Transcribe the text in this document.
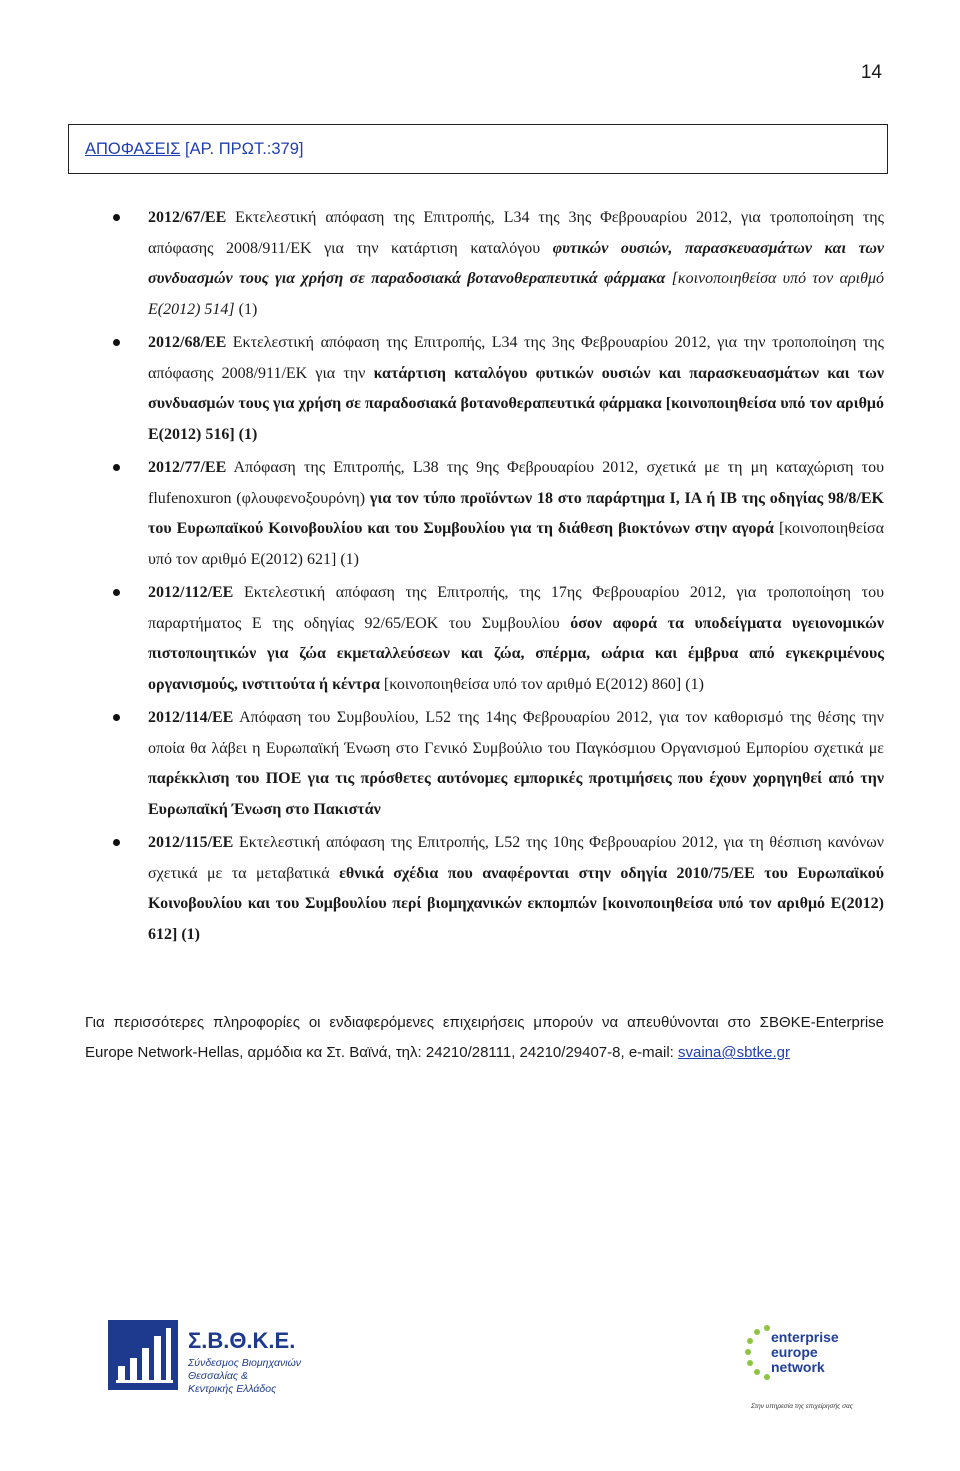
14
ΑΠΟΦΑΣΕΙΣ [ΑΡ. ΠΡΩΤ.:379]
2012/67/ΕΕ Εκτελεστική απόφαση της Επιτροπής, L34 της 3ης Φεβρουαρίου 2012, για τροποποίηση της απόφασης 2008/911/ΕΚ για την κατάρτιση καταλόγου φυτικών ουσιών, παρασκευασμάτων και των συνδυασμών τους για χρήση σε παραδοσιακά βοτανοθεραπευτικά φάρμακα [κοινοποιηθείσα υπό τον αριθμό Ε(2012) 514] (1)
2012/68/ΕΕ Εκτελεστική απόφαση της Επιτροπής, L34 της 3ης Φεβρουαρίου 2012, για την τροποποίηση της απόφασης 2008/911/ΕΚ για την κατάρτιση καταλόγου φυτικών ουσιών και παρασκευασμάτων και των συνδυασμών τους για χρήση σε παραδοσιακά βοτανοθεραπευτικά φάρμακα [κοινοποιηθείσα υπό τον αριθμό Ε(2012) 516] (1)
2012/77/ΕΕ Απόφαση της Επιτροπής, L38 της 9ης Φεβρουαρίου 2012, σχετικά με τη μη καταχώριση του flufenoxuron (φλουφενοξουρόνη) για τον τύπο προϊόντων 18 στο παράρτημα I, IA ή IB της οδηγίας 98/8/ΕΚ του Ευρωπαϊκού Κοινοβουλίου και του Συμβουλίου για τη διάθεση βιοκτόνων στην αγορά [κοινοποιηθείσα υπό τον αριθμό Ε(2012) 621] (1)
2012/112/ΕΕ Εκτελεστική απόφαση της Επιτροπής, της 17ης Φεβρουαρίου 2012, για τροποποίηση του παραρτήματος Ε της οδηγίας 92/65/ΕΟΚ του Συμβουλίου όσον αφορά τα υποδείγματα υγειονομικών πιστοποιητικών για ζώα εκμεταλλεύσεων και ζώα, σπέρμα, ωάρια και έμβρυα από εγκεκριμένους οργανισμούς, ινστιτούτα ή κέντρα [κοινοποιηθείσα υπό τον αριθμό Ε(2012) 860] (1)
2012/114/ΕΕ Απόφαση του Συμβουλίου, L52 της 14ης Φεβρουαρίου 2012, για τον καθορισμό της θέσης την οποία θα λάβει η Ευρωπαϊκή Ένωση στο Γενικό Συμβούλιο του Παγκόσμιου Οργανισμού Εμπορίου σχετικά με παρέκκλιση του ΠΟΕ για τις πρόσθετες αυτόνομες εμπορικές προτιμήσεις που έχουν χορηγηθεί από την Ευρωπαϊκή Ένωση στο Πακιστάν
2012/115/ΕΕ Εκτελεστική απόφαση της Επιτροπής, L52 της 10ης Φεβρουαρίου 2012, για τη θέσπιση κανόνων σχετικά με τα μεταβατικά εθνικά σχέδια που αναφέρονται στην οδηγία 2010/75/ΕΕ του Ευρωπαϊκού Κοινοβουλίου και του Συμβουλίου περί βιομηχανικών εκπομπών [κοινοποιηθείσα υπό τον αριθμό Ε(2012) 612] (1)
Για περισσότερες πληροφορίες οι ενδιαφερόμενες επιχειρήσεις μπορούν να απευθύνονται στο ΣΒΘΚΕ-Enterprise Europe Network-Hellas, αρμόδια κα Στ. Βαϊνά, τηλ: 24210/28111, 24210/29407-8, e-mail: svaina@sbtke.gr
Σ.Β.Θ.Κ.Ε.
Σύνδεσμος Βιομηχανιών
Θεσσαλίας &
Κεντρικής Ελλάδος
enterprise
europe
network
Στην υπηρεσία της επιχείρησής σας
